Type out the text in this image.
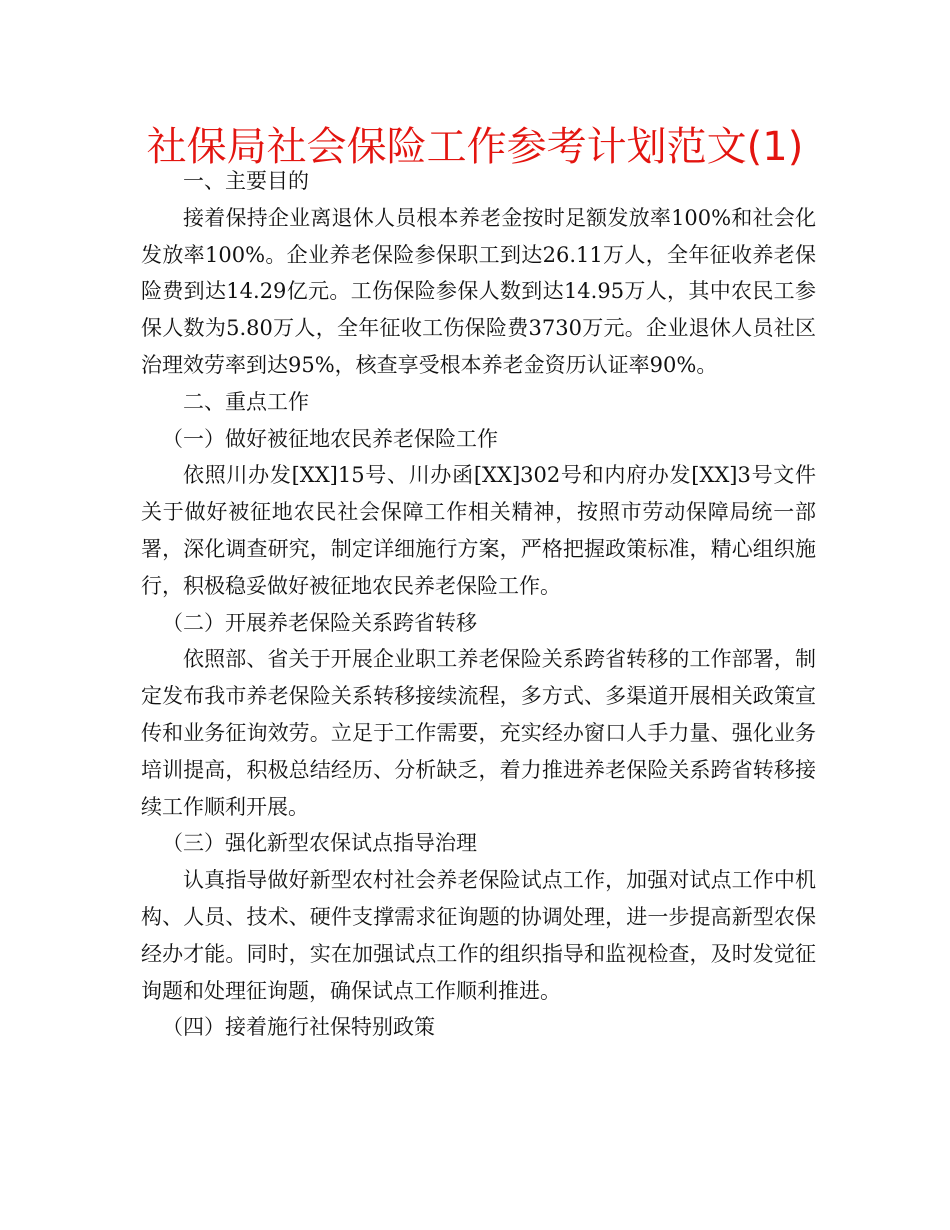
社保局社会保险工作参考计划范文(1)

一、主要目的

接着保持企业离退休人员根本养老金按时足额发放率100%和社会化发放率100%。企业养老保险参保职工到达26.11万人，全年征收养老保险费到达14.29亿元。工伤保险参保人数到达14.95万人，其中农民工参保人数为5.80万人，全年征收工伤保险费3730万元。企业退休人员社区治理效劳率到达95%，核查享受根本养老金资历认证率90%。

二、重点工作

（一）做好被征地农民养老保险工作

依照川办发[XX]15号、川办函[XX]302号和内府办发[XX]3号文件关于做好被征地农民社会保障工作相关精神，按照市劳动保障局统一部署，深化调查研究，制定详细施行方案，严格把握政策标准，精心组织施行，积极稳妥做好被征地农民养老保险工作。

（二）开展养老保险关系跨省转移

依照部、省关于开展企业职工养老保险关系跨省转移的工作部署，制定发布我市养老保险关系转移接续流程，多方式、多渠道开展相关政策宣传和业务征询效劳。立足于工作需要，充实经办窗口人手力量、强化业务培训提高，积极总结经历、分析缺乏，着力推进养老保险关系跨省转移接续工作顺利开展。

（三）强化新型农保试点指导治理

认真指导做好新型农村社会养老保险试点工作，加强对试点工作中机构、人员、技术、硬件支撑需求征询题的协调处理，进一步提高新型农保经办才能。同时，实在加强试点工作的组织指导和监视检查，及时发觉征询题和处理征询题，确保试点工作顺利推进。

（四）接着施行社保特别政策
